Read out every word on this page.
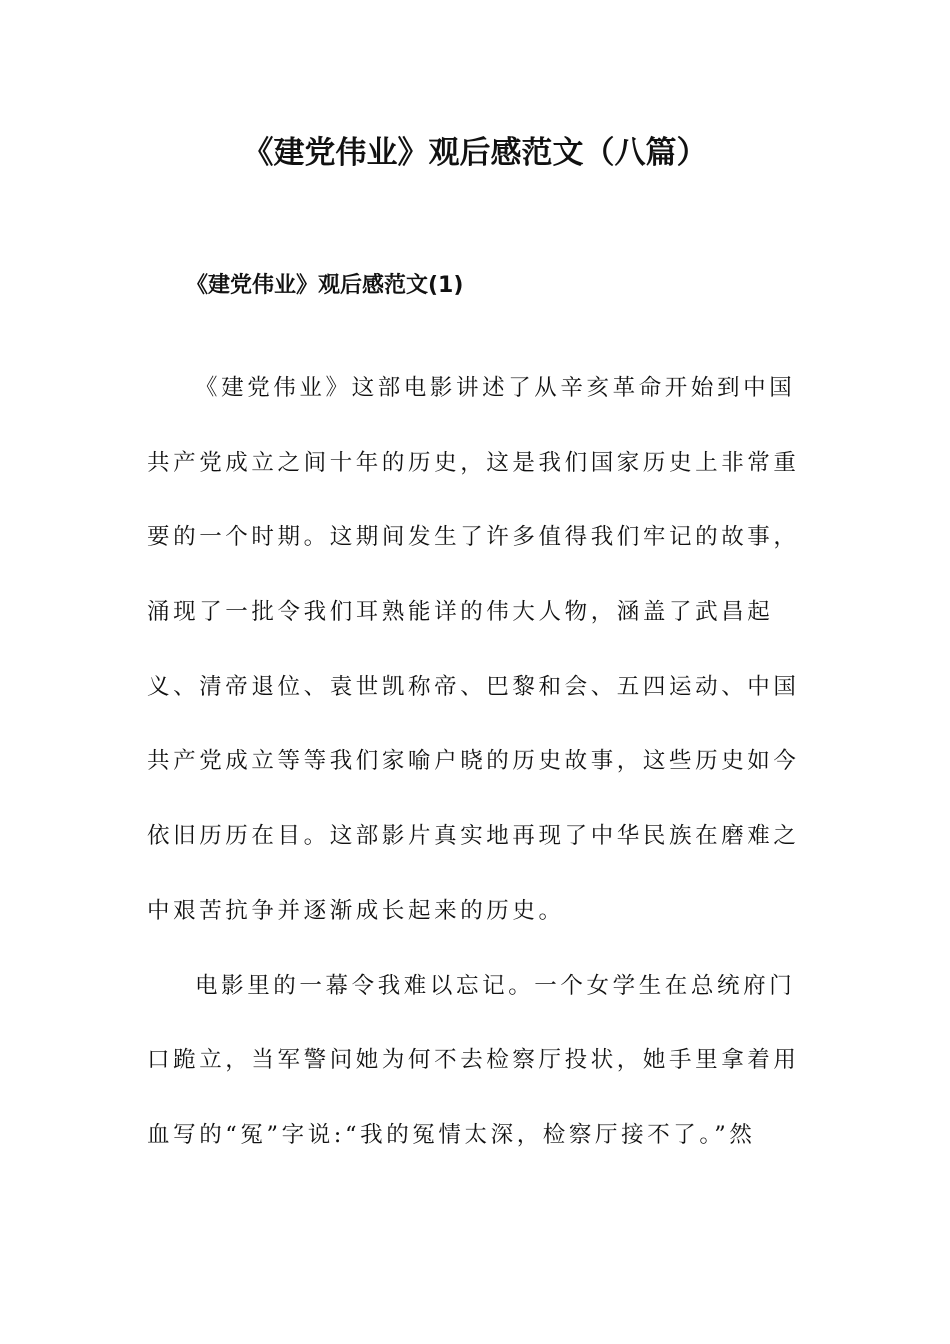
《建党伟业》观后感范文（八篇）
《建党伟业》观后感范文(1)
《建党伟业》这部电影讲述了从辛亥革命开始到中国
共产党成立之间十年的历史，这是我们国家历史上非常重
要的一个时期。这期间发生了许多值得我们牢记的故事，
涌现了一批令我们耳熟能详的伟大人物，涵盖了武昌起
义、清帝退位、袁世凯称帝、巴黎和会、五四运动、中国
共产党成立等等我们家喻户晓的历史故事，这些历史如今
依旧历历在目。这部影片真实地再现了中华民族在磨难之
中艰苦抗争并逐渐成长起来的历史。
电影里的一幕令我难以忘记。一个女学生在总统府门
口跪立，当军警问她为何不去检察厅投状，她手里拿着用
血写的“冤”字说:“我的冤情太深，检察厅接不了。”然
